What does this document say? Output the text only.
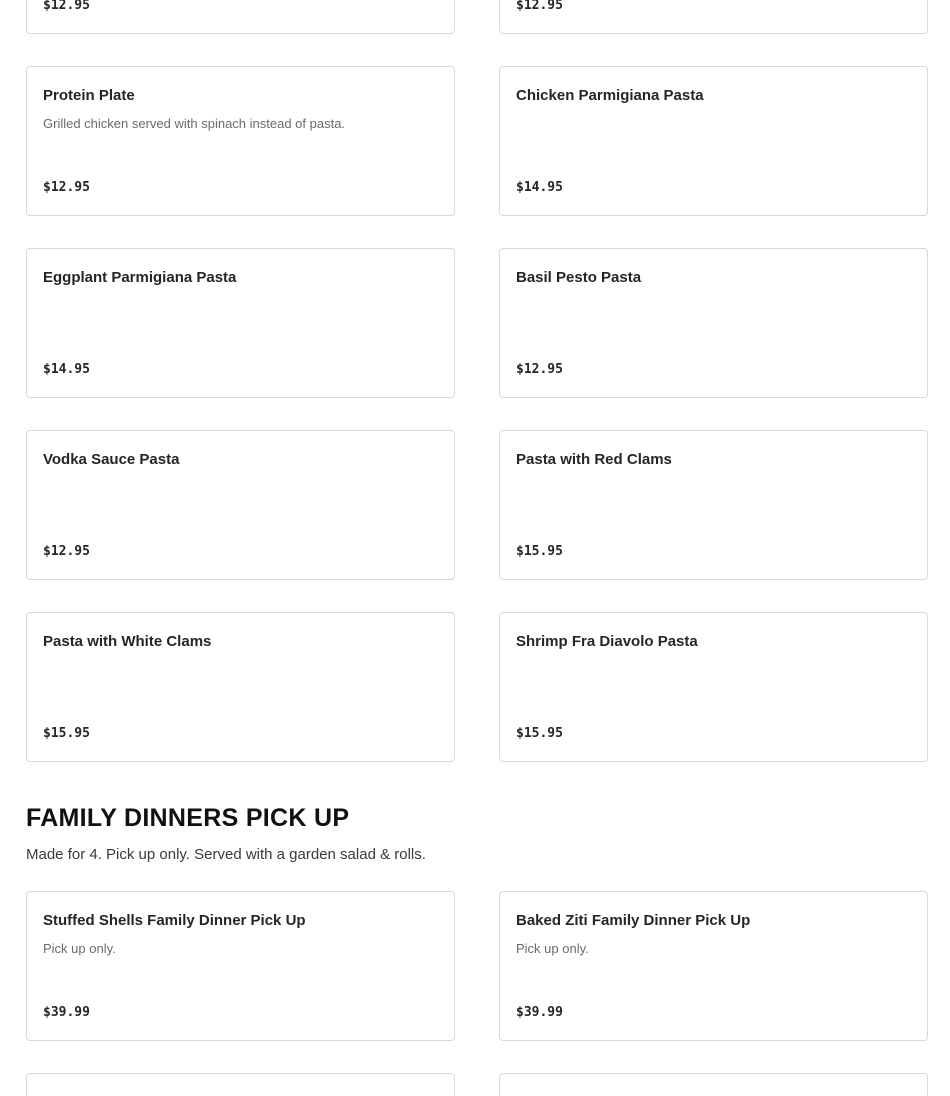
$12.95	$12.95
Protein Plate
Grilled chicken served with spinach instead of pasta.
$12.95
Chicken Parmigiana Pasta
$14.95
Eggplant Parmigiana Pasta
$14.95
Basil Pesto Pasta
$12.95
Vodka Sauce Pasta
$12.95
Pasta with Red Clams
$15.95
Pasta with White Clams
$15.95
Shrimp Fra Diavolo Pasta
$15.95
FAMILY DINNERS PICK UP

Made for 4. Pick up only. Served with a garden salad & rolls.

Stuffed Shells Family Dinner Pick Up
Pick up only.
$39.99
Baked Ziti Family Dinner Pick Up
Pick up only.
$39.99
